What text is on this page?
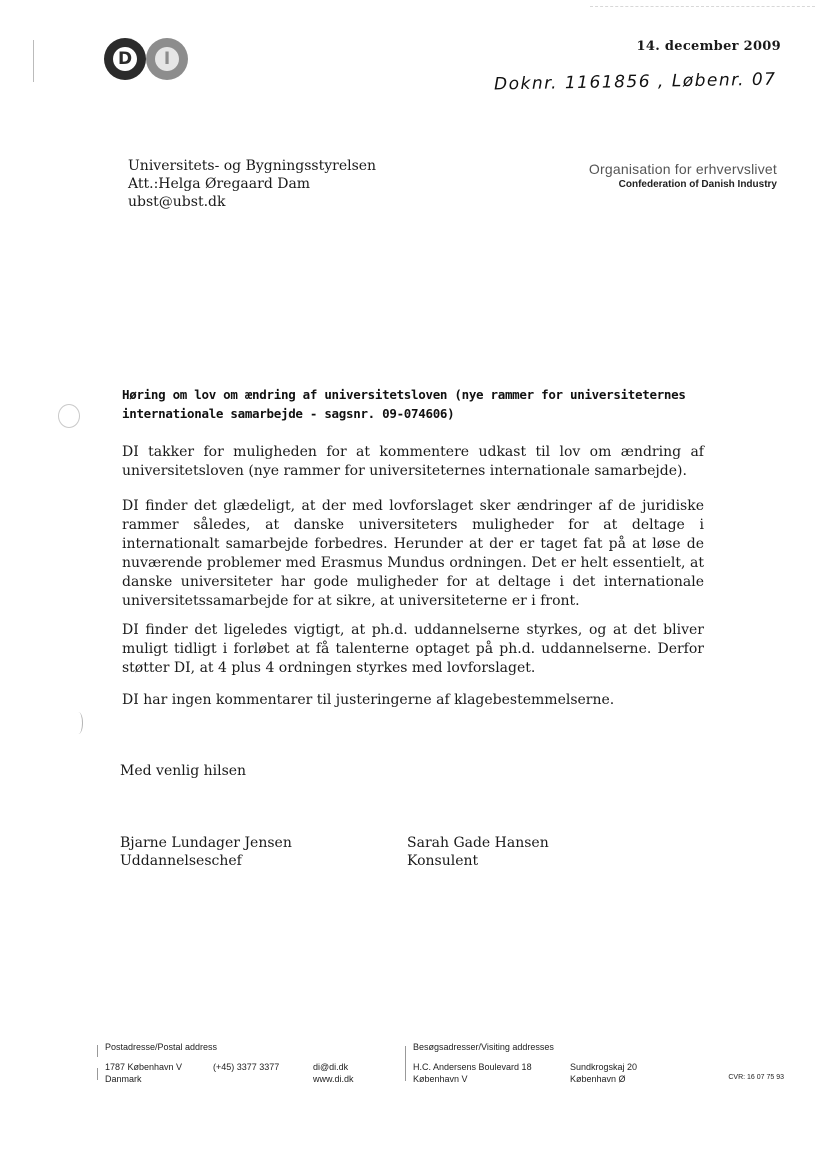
D	I
14. december 2009
Doknr. 1161856 , Løbenr. 07
Universitets- og Bygningsstyrelsen
Att.:Helga Øregaard Dam
ubst@ubst.dk
Organisation for erhvervslivet
Confederation of Danish Industry
Høring om lov om ændring af universitetsloven (nye rammer for universiteternes internationale samarbejde - sagsnr. 09-074606)
DI takker for muligheden for at kommentere udkast til lov om ændring af universitetsloven (nye rammer for universiteternes internationale samarbejde).
DI finder det glædeligt, at der med lovforslaget sker ændringer af de juridiske rammer således, at danske universiteters muligheder for at deltage i internationalt samarbejde forbedres. Herunder at der er taget fat på at løse de nuværende problemer med Erasmus Mundus ordningen. Det er helt essentielt, at danske universiteter har gode muligheder for at deltage i det internationale universitetssamarbejde for at sikre, at universiteterne er i front.
DI finder det ligeledes vigtigt, at ph.d. uddannelserne styrkes, og at det bliver muligt tidligt i forløbet at få talenterne optaget på ph.d. uddannelserne. Derfor støtter DI, at 4 plus 4 ordningen styrkes med lovforslaget.
DI har ingen kommentarer til justeringerne af klagebestemmelserne.
Med venlig hilsen
Bjarne Lundager Jensen
Uddannelseschef
Sarah Gade Hansen
Konsulent
Postadresse/Postal address	Besøgsadresser/Visiting addresses
1787 København V
Danmark
(+45) 3377 3377	di@di.dk
www.di.dk
H.C. Andersens Boulevard 18
København V
Sundkrogskaj 20
København Ø	CVR: 16 07 75 93
